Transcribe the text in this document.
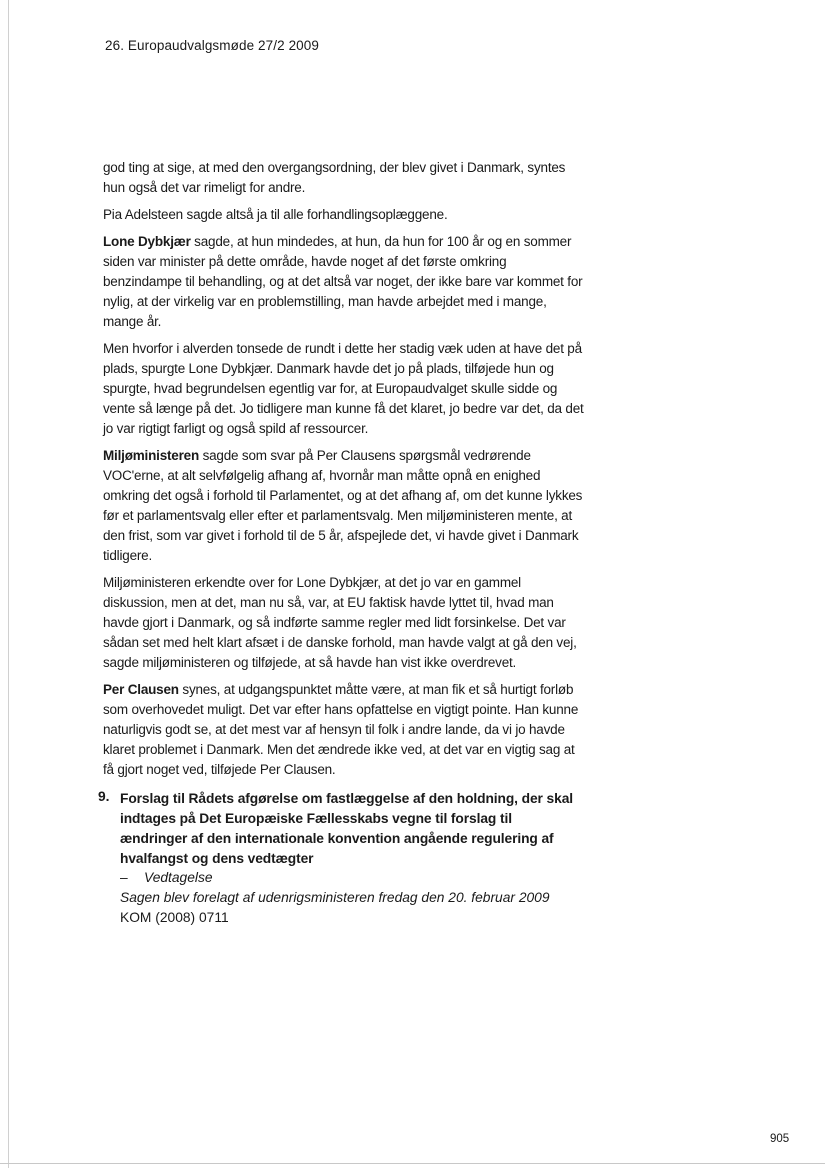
26. Europaudvalgsmøde 27/2 2009

god ting at sige, at med den overgangsordning, der blev givet i Danmark, syntes hun også det var rimeligt for andre.

Pia Adelsteen sagde altså ja til alle forhandlingsoplæggene.

Lone Dybkjær sagde, at hun mindedes, at hun, da hun for 100 år og en sommer siden var minister på dette område, havde noget af det første omkring benzindampe til behandling, og at det altså var noget, der ikke bare var kommet for nylig, at der virkelig var en problemstilling, man havde arbejdet med i mange, mange år.

Men hvorfor i alverden tonsede de rundt i dette her stadig væk uden at have det på plads, spurgte Lone Dybkjær. Danmark havde det jo på plads, tilføjede hun og spurgte, hvad begrundelsen egentlig var for, at Europaudvalget skulle sidde og vente så længe på det. Jo tidligere man kunne få det klaret, jo bedre var det, da det jo var rigtigt farligt og også spild af ressourcer.

Miljøministeren sagde som svar på Per Clausens spørgsmål vedrørende VOC'erne, at alt selvfølgelig afhang af, hvornår man måtte opnå en enighed omkring det også i forhold til Parlamentet, og at det afhang af, om det kunne lykkes før et parlamentsvalg eller efter et parlamentsvalg. Men miljøministeren mente, at den frist, som var givet i forhold til de 5 år, afspejlede det, vi havde givet i Danmark tidligere.

Miljøministeren erkendte over for Lone Dybkjær, at det jo var en gammel diskussion, men at det, man nu så, var, at EU faktisk havde lyttet til, hvad man havde gjort i Danmark, og så indførte samme regler med lidt forsinkelse. Det var sådan set med helt klart afsæt i de danske forhold, man havde valgt at gå den vej, sagde miljøministeren og tilføjede, at så havde han vist ikke overdrevet.

Per Clausen synes, at udgangspunktet måtte være, at man fik et så hurtigt forløb som overhovedet muligt. Det var efter hans opfattelse en vigtigt pointe. Han kunne naturligvis godt se, at det mest var af hensyn til folk i andre lande, da vi jo havde klaret problemet i Danmark. Men det ændrede ikke ved, at det var en vigtig sag at få gjort noget ved, tilføjede Per Clausen.

9. Forslag til Rådets afgørelse om fastlæggelse af den holdning, der skal indtages på Det Europæiske Fællesskabs vegne til forslag til ændringer af den internationale konvention angående regulering af hvalfangst og dens vedtægter
– Vedtagelse
Sagen blev forelagt af udenrigsministeren fredag den 20. februar 2009
KOM (2008) 0711
905
